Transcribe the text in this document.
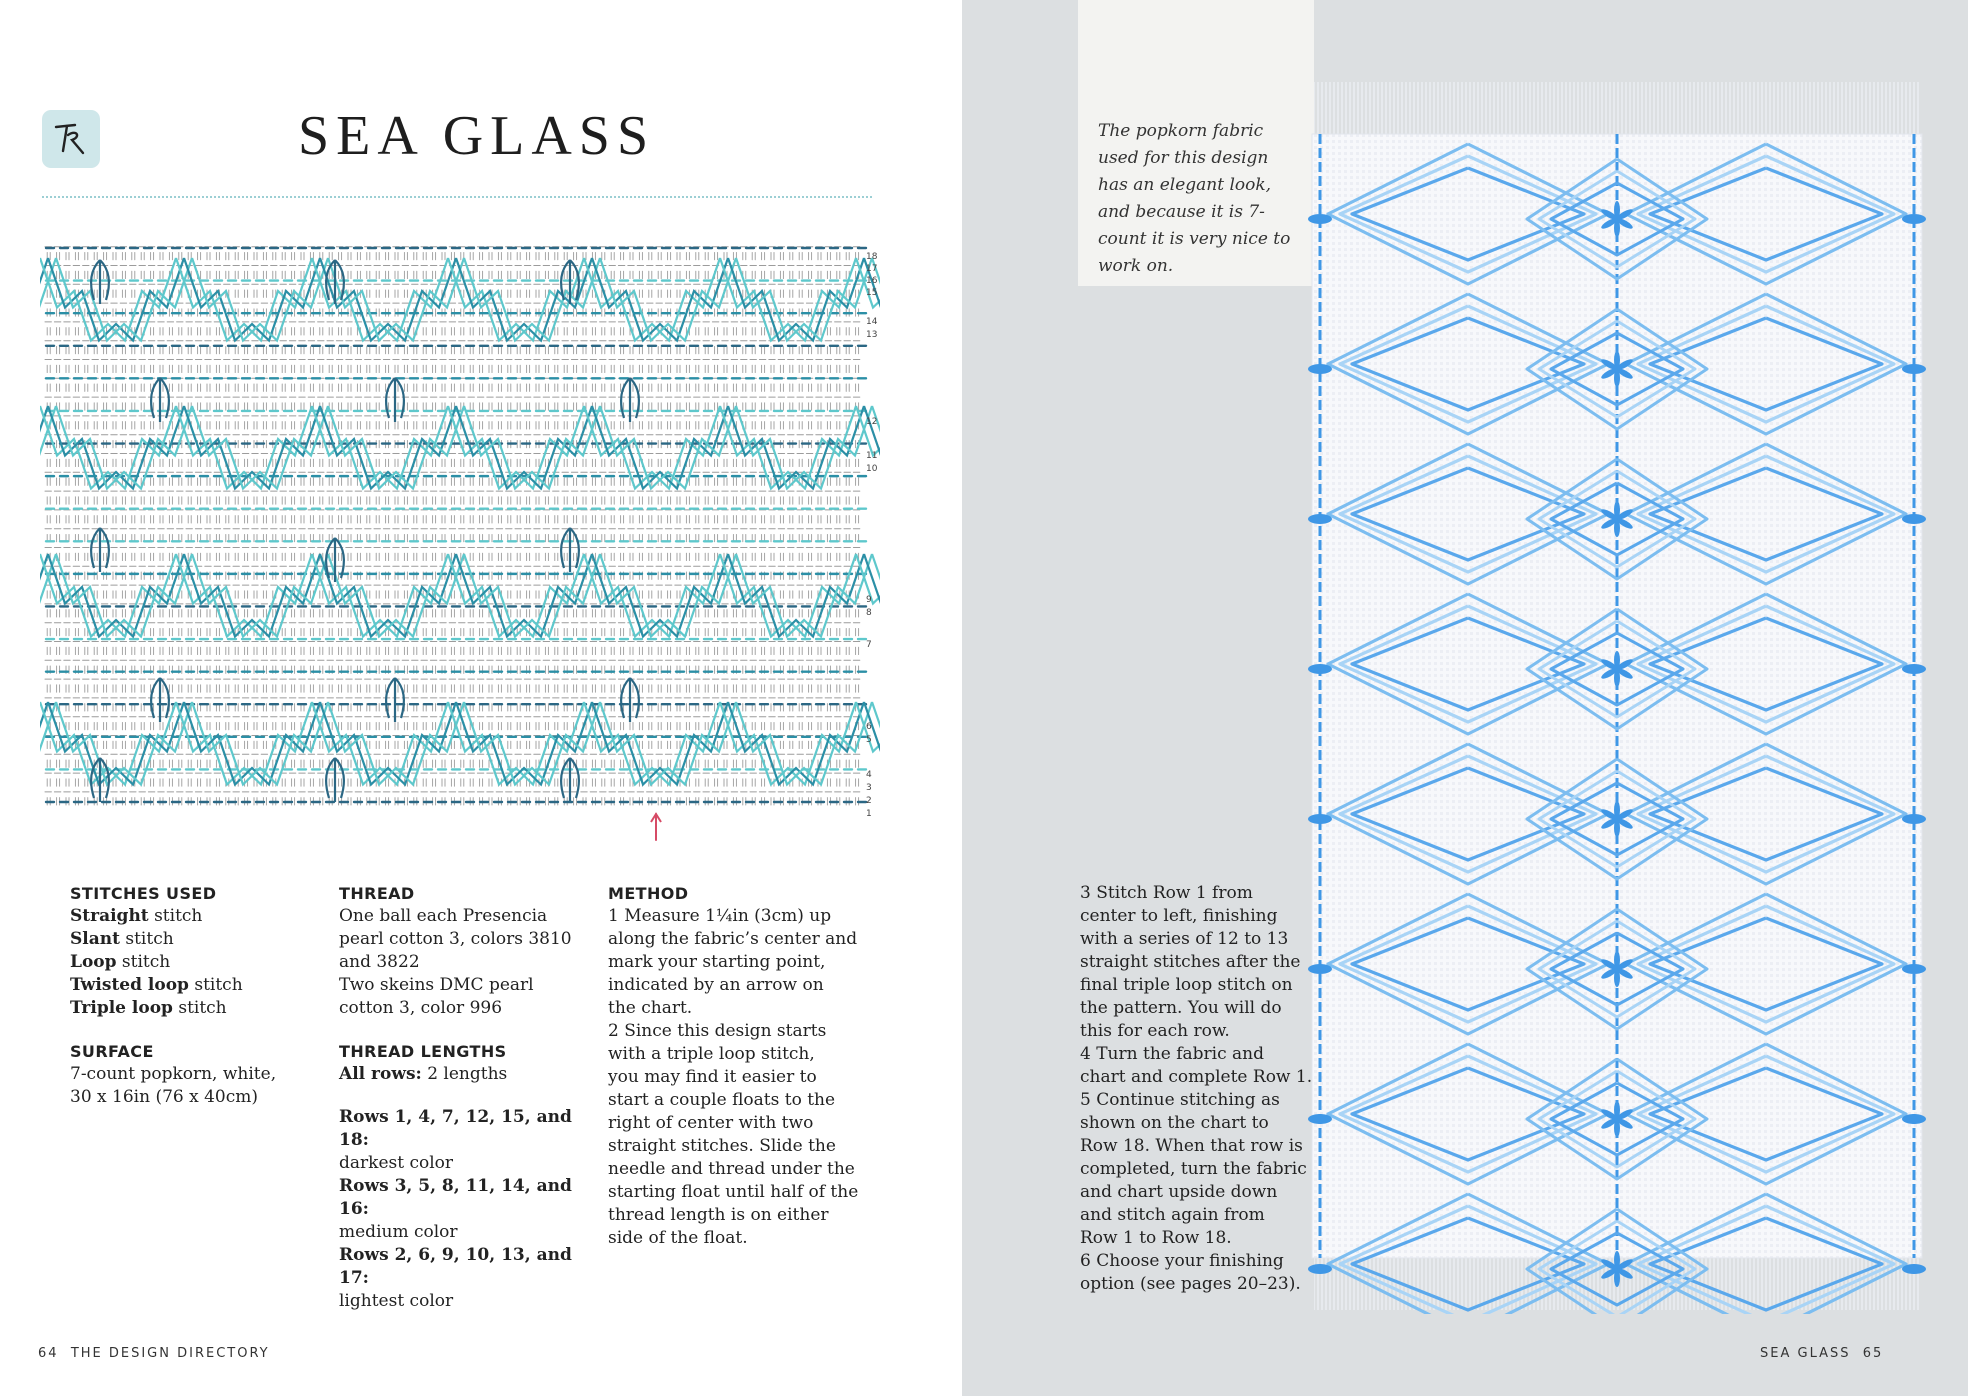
SEA GLASS
18
17
16
15
14
13
12
11
10
9
8
7
6
5
4
3
2
1
STITCHES USED
Straight stitch
Slant stitch
Loop stitch
Twisted loop stitch
Triple loop stitch
SURFACE
7-count popkorn, white,
30 x 16in (76 x 40cm)
THREAD
One ball each Presencia
pearl cotton 3, colors 3810
and 3822
Two skeins DMC pearl
cotton 3, color 996
THREAD LENGTHS
All rows: 2 lengths
Rows 1, 4, 7, 12, 15, and 18:
darkest color
Rows 3, 5, 8, 11, 14, and 16:
medium color
Rows 2, 6, 9, 10, 13, and 17:
lightest color
METHOD
1 Measure 1¼in (3cm) up
along the fabric’s center and
mark your starting point,
indicated by an arrow on
the chart.
2 Since this design starts
with a triple loop stitch,
you may find it easier to
start a couple floats to the
right of center with two
straight stitches. Slide the
needle and thread under the
starting float until half of the
thread length is on either
side of the float.
64 THE DESIGN DIRECTORY

The popkorn fabric used for this design has an elegant look, and because it is 7-count it is very nice to work on.

3 Stitch Row 1 from
center to left, finishing
with a series of 12 to 13
straight stitches after the
final triple loop stitch on
the pattern. You will do
this for each row.
4 Turn the fabric and
chart and complete Row 1.
5 Continue stitching as
shown on the chart to
Row 18. When that row is
completed, turn the fabric
and chart upside down
and stitch again from
Row 1 to Row 18.
6 Choose your finishing
option (see pages 20–23).
SEA GLASS 65
